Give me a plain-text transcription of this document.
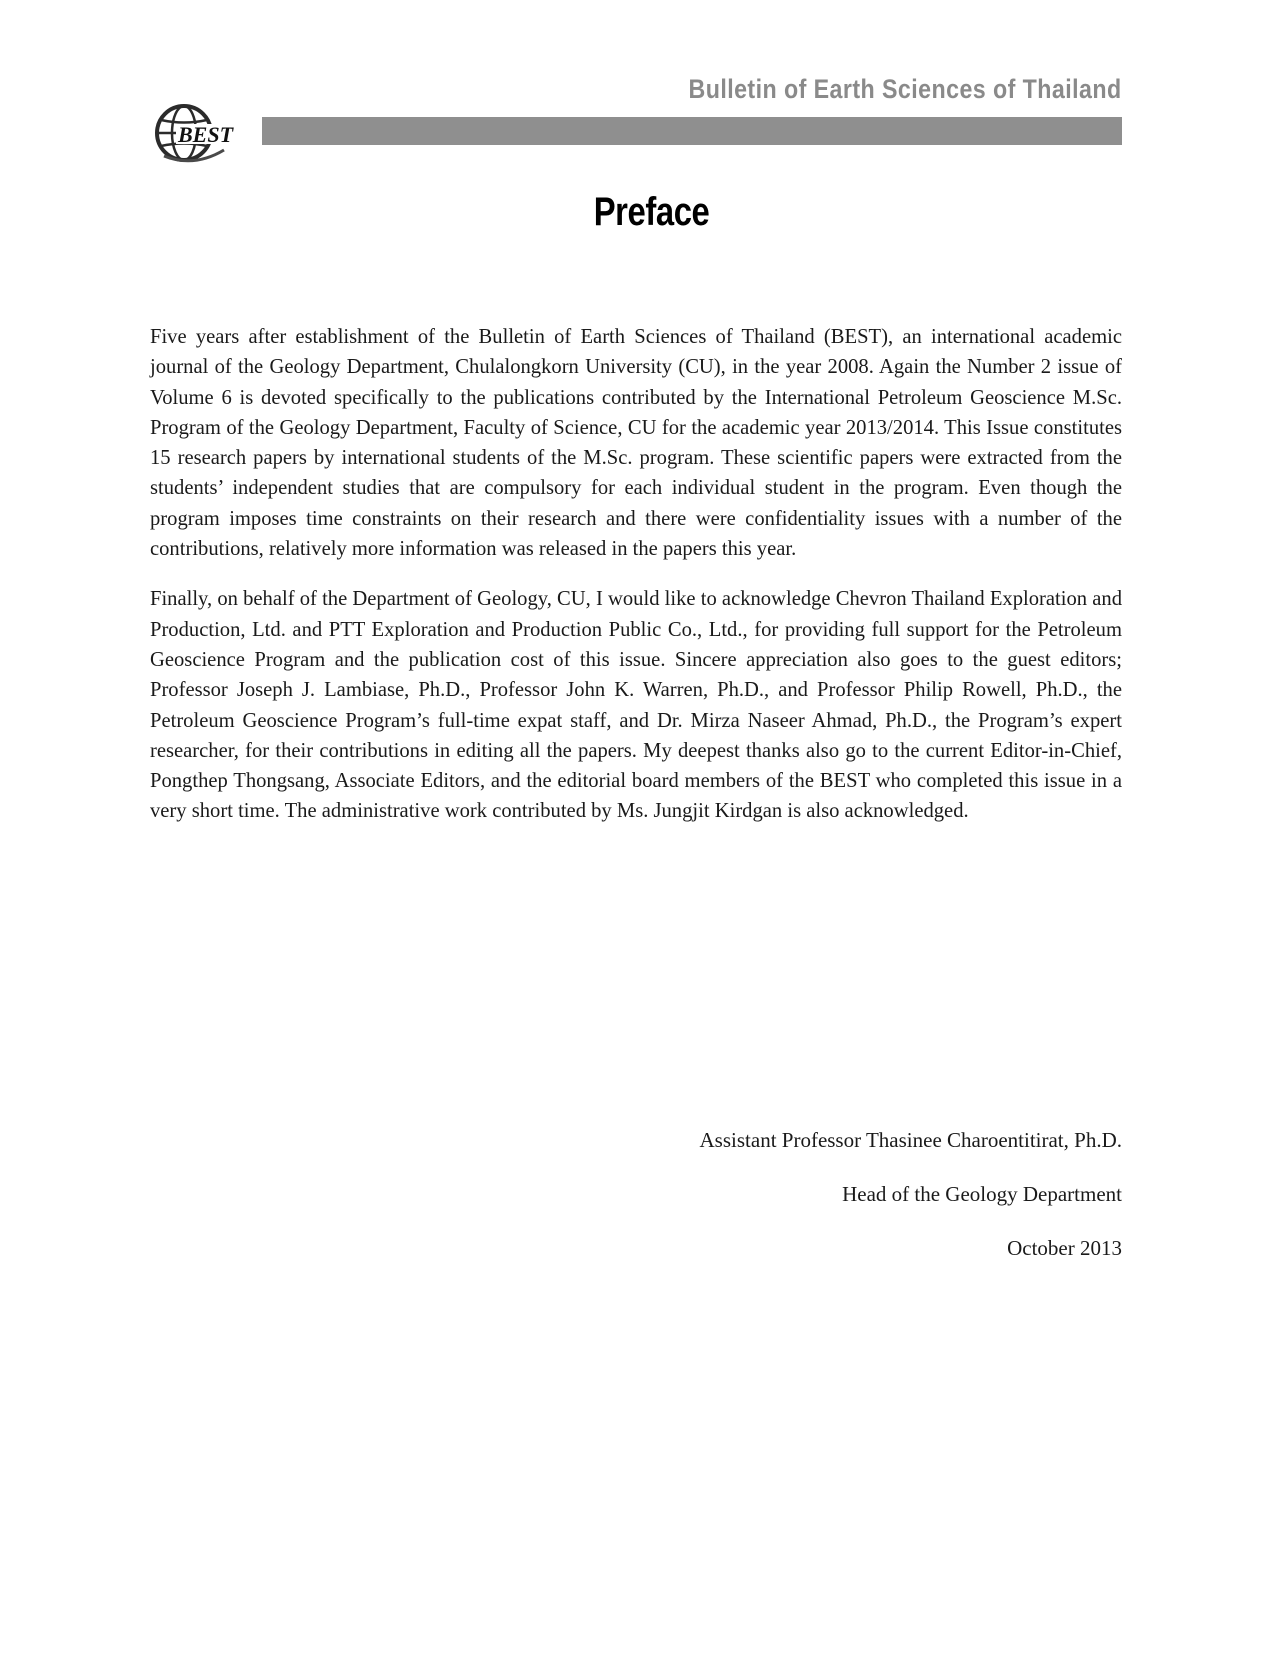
Bulletin of Earth Sciences of Thailand
BEST
Preface

Five years after establishment of the Bulletin of Earth Sciences of Thailand (BEST), an international academic journal of the Geology Department, Chulalongkorn University (CU), in the year 2008. Again the Number 2 issue of Volume 6 is devoted specifically to the publications contributed by the International Petroleum Geoscience M.Sc. Program of the Geology Department, Faculty of Science, CU for the academic year 2013/2014. This Issue constitutes 15 research papers by international students of the M.Sc. program. These scientific papers were extracted from the students’ independent studies that are compulsory for each individual student in the program. Even though the program imposes time constraints on their research and there were confidentiality issues with a number of the contributions, relatively more information was released in the papers this year.

Finally, on behalf of the Department of Geology, CU, I would like to acknowledge Chevron Thailand Exploration and Production, Ltd. and PTT Exploration and Production Public Co., Ltd., for providing full support for the Petroleum Geoscience Program and the publication cost of this issue. Sincere appreciation also goes to the guest editors; Professor Joseph J. Lambiase, Ph.D., Professor John K. Warren, Ph.D., and Professor Philip Rowell, Ph.D., the Petroleum Geoscience Program’s full-time expat staff, and Dr. Mirza Naseer Ahmad, Ph.D., the Program’s expert researcher, for their contributions in editing all the papers. My deepest thanks also go to the current Editor-in-Chief, Pongthep Thongsang, Associate Editors, and the editorial board members of the BEST who completed this issue in a very short time. The administrative work contributed by Ms. Jungjit Kirdgan is also acknowledged.

Assistant Professor Thasinee Charoentitirat, Ph.D.
Head of the Geology Department
October 2013
